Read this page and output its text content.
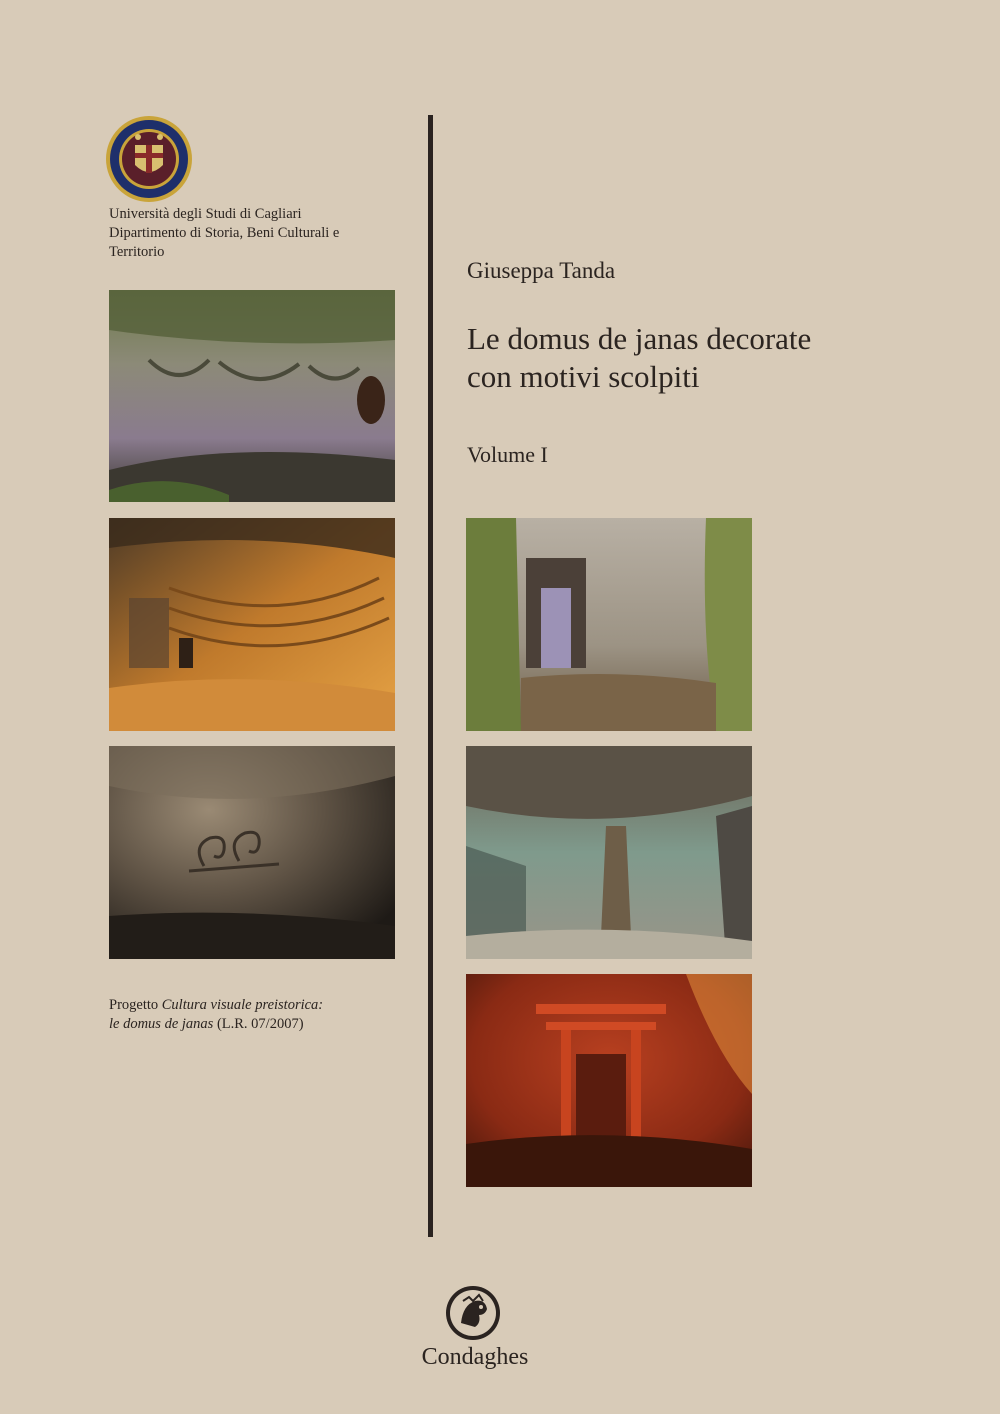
Università degli Studi di Cagliari
Dipartimento di Storia, Beni Culturali e
Territorio
Progetto Cultura visuale preistorica:
le domus de janas (L.R. 07/2007)
Giuseppa Tanda
Le domus de janas decorate
con motivi scolpiti
Volume I
Condaghes
